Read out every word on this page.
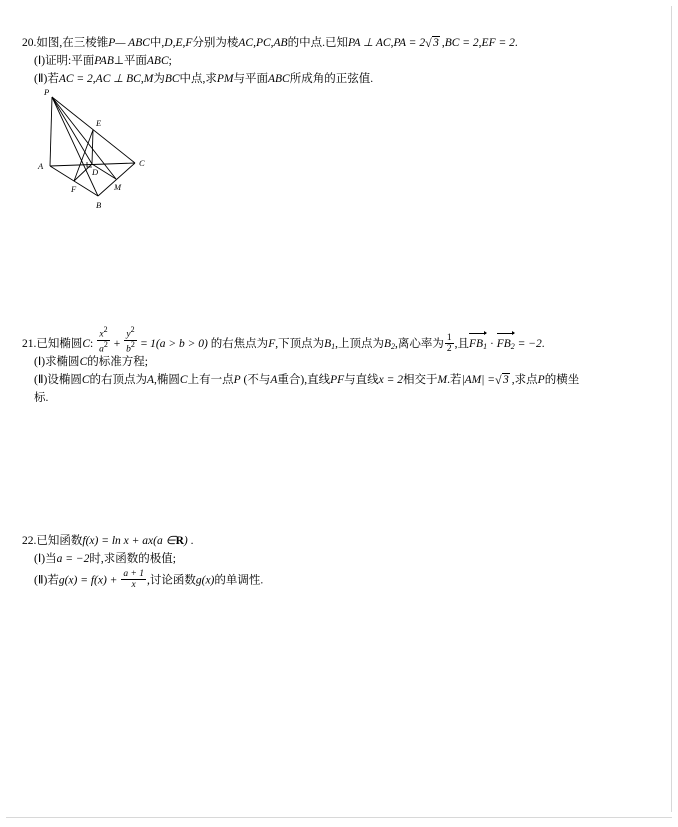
20.如图,在三棱锥P— ABC中,D,E,F分别为棱AC,PC,AB的中点.已知PA ⊥ AC,PA = 2 √ 3 ,BC = 2,EF = 2.
(Ⅰ)证明:平面PAB⊥平面ABC;
(Ⅱ)若AC = 2,AC ⊥ BC,M为BC中点,求PM与平面ABC所成角的正弦值.
P
E
A
D
C
F	M
B
21.已知椭圆C: $\frac{x^2}{a^2} + \frac{y^2}{b^2} = 1(a > b > 0)$ 的右焦点为F,下顶点为$B_1$,上顶点为$B_2$,离心率为 $\frac{1}{2}$ ,且$FB_1 \cdot FB_2 = -2$.
(Ⅰ)求椭圆C的标准方程;
(Ⅱ)设椭圆C的右顶点为A,椭圆C上有一点P (不与A重合),直线PF与直线x = 2相交于M.若|AM| = √ 3 ,求点P的横坐
标.
22.已知函数f(x) = ln x + ax(a ∈R) .
(Ⅰ)当a = −2时,求函数的极值;
(Ⅱ)若$g(x) = f(x) + \frac{a + 1}{x}$ ,讨论函数g(x)的单调性.
